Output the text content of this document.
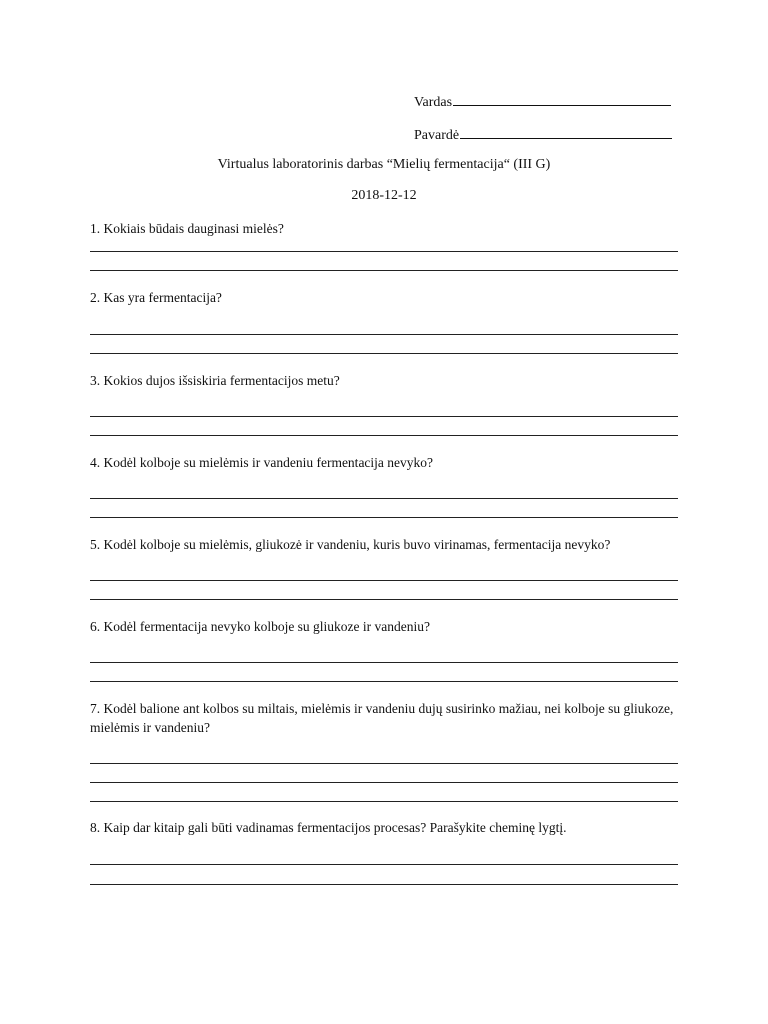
Vardas
Pavardė
Virtualus laboratorinis darbas “Mielių fermentacija“ (III G)
2018-12-12
1. Kokiais būdais dauginasi mielės?
2. Kas yra fermentacija?
3. Kokios dujos išsiskiria fermentacijos metu?
4. Kodėl kolboje su mielėmis ir vandeniu fermentacija nevyko?
5. Kodėl kolboje su mielėmis, gliukozė ir vandeniu, kuris buvo virinamas, fermentacija nevyko?
6. Kodėl fermentacija nevyko kolboje su gliukoze ir vandeniu?
7. Kodėl balione ant kolbos su miltais, mielėmis ir vandeniu dujų susirinko mažiau, nei kolboje su gliukoze, mielėmis ir vandeniu?
8. Kaip dar kitaip gali būti vadinamas fermentacijos procesas? Parašykite cheminę lygtį.
